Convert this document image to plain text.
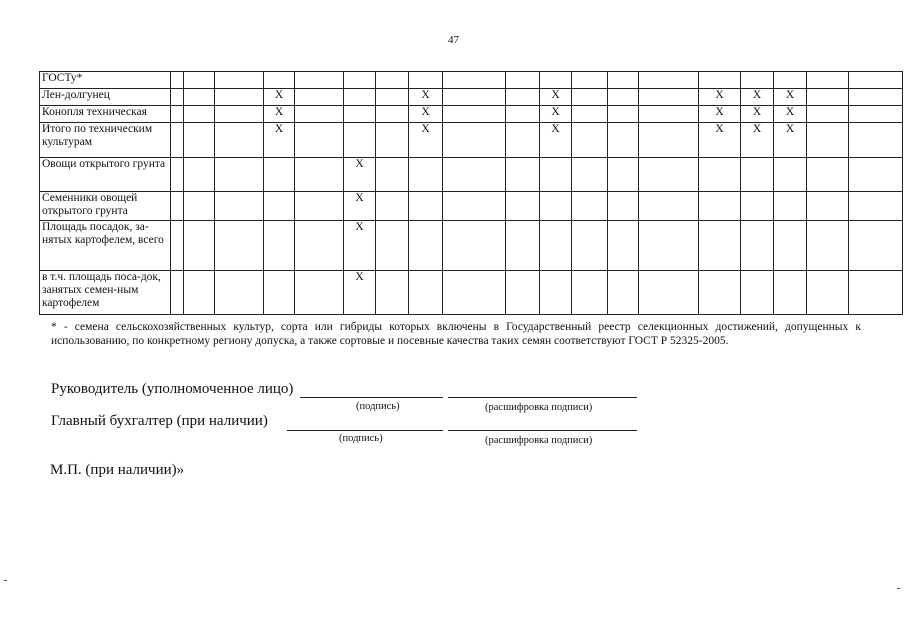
47
ГОСТу*																			
Лен-долгунец				X				X			X				X	X	X		
Конопля техническая				X				X			X				X	X	X		
Итого по техническим культурам				X				X			X				X	X	X		
Овощи открытого грунта						X													
Семенники овощей открытого грунта						X													
Площадь посадок, за-нятых картофелем, всего						X													
в т.ч. площадь поса-док, занятых семен-ным картофелем						X													
* - семена сельскохозяйственных культур, сорта или гибриды которых включены в Государственный реестр селекционных достижений, допущенных к использованию, по конкретному региону допуска, а также сортовые и посевные качества таких семян соответствуют ГОСТ Р 52325-2005.
Руководитель (уполномоченное лицо)
(подпись)	(расшифровка подписи)
Главный бухгалтер (при наличии)
(подпись)	(расшифровка подписи)
М.П. (при наличии)»
